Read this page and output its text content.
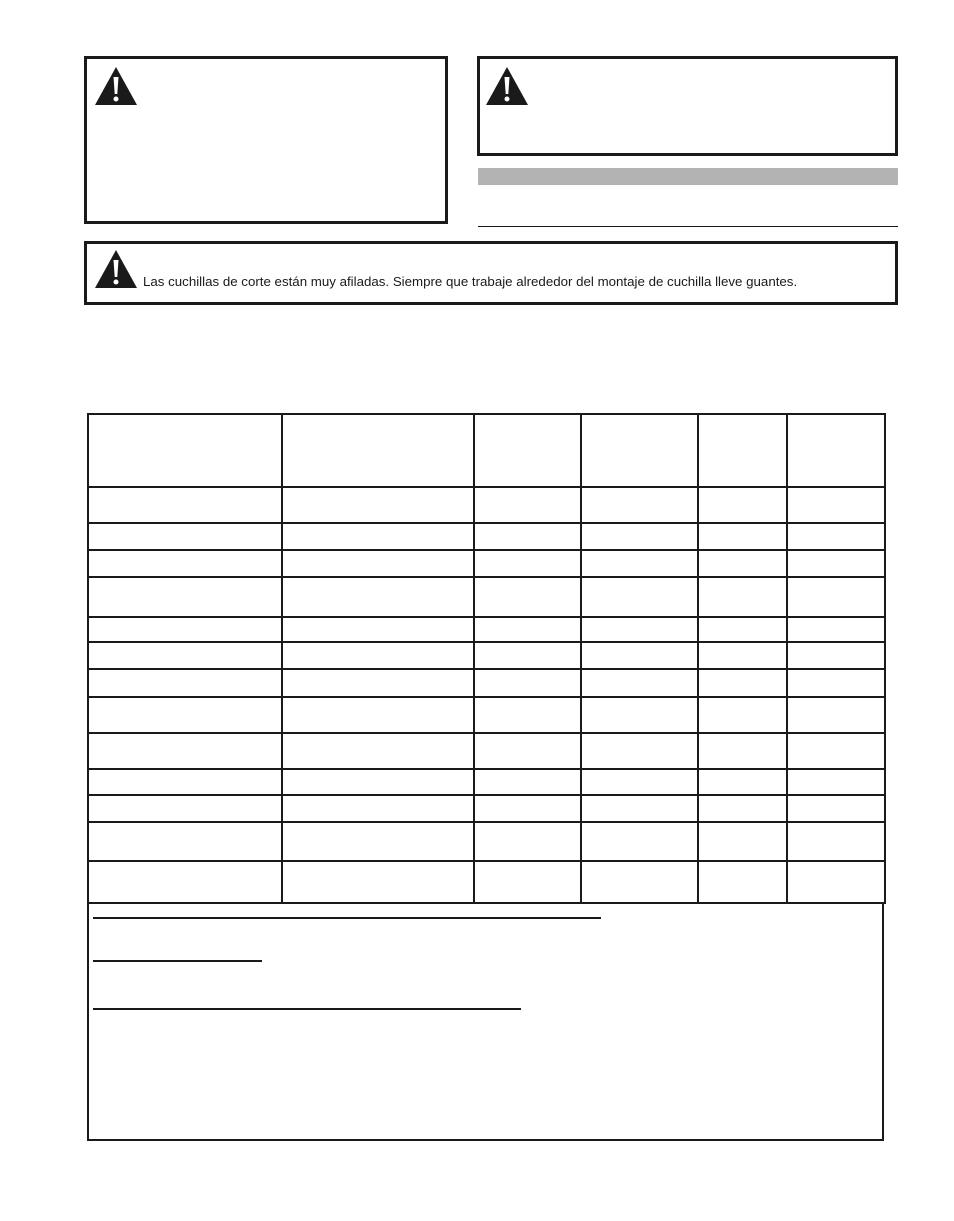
Las cuchillas de corte están muy afiladas. Siempre que trabaje alrededor del montaje de cuchilla lleve guantes.
